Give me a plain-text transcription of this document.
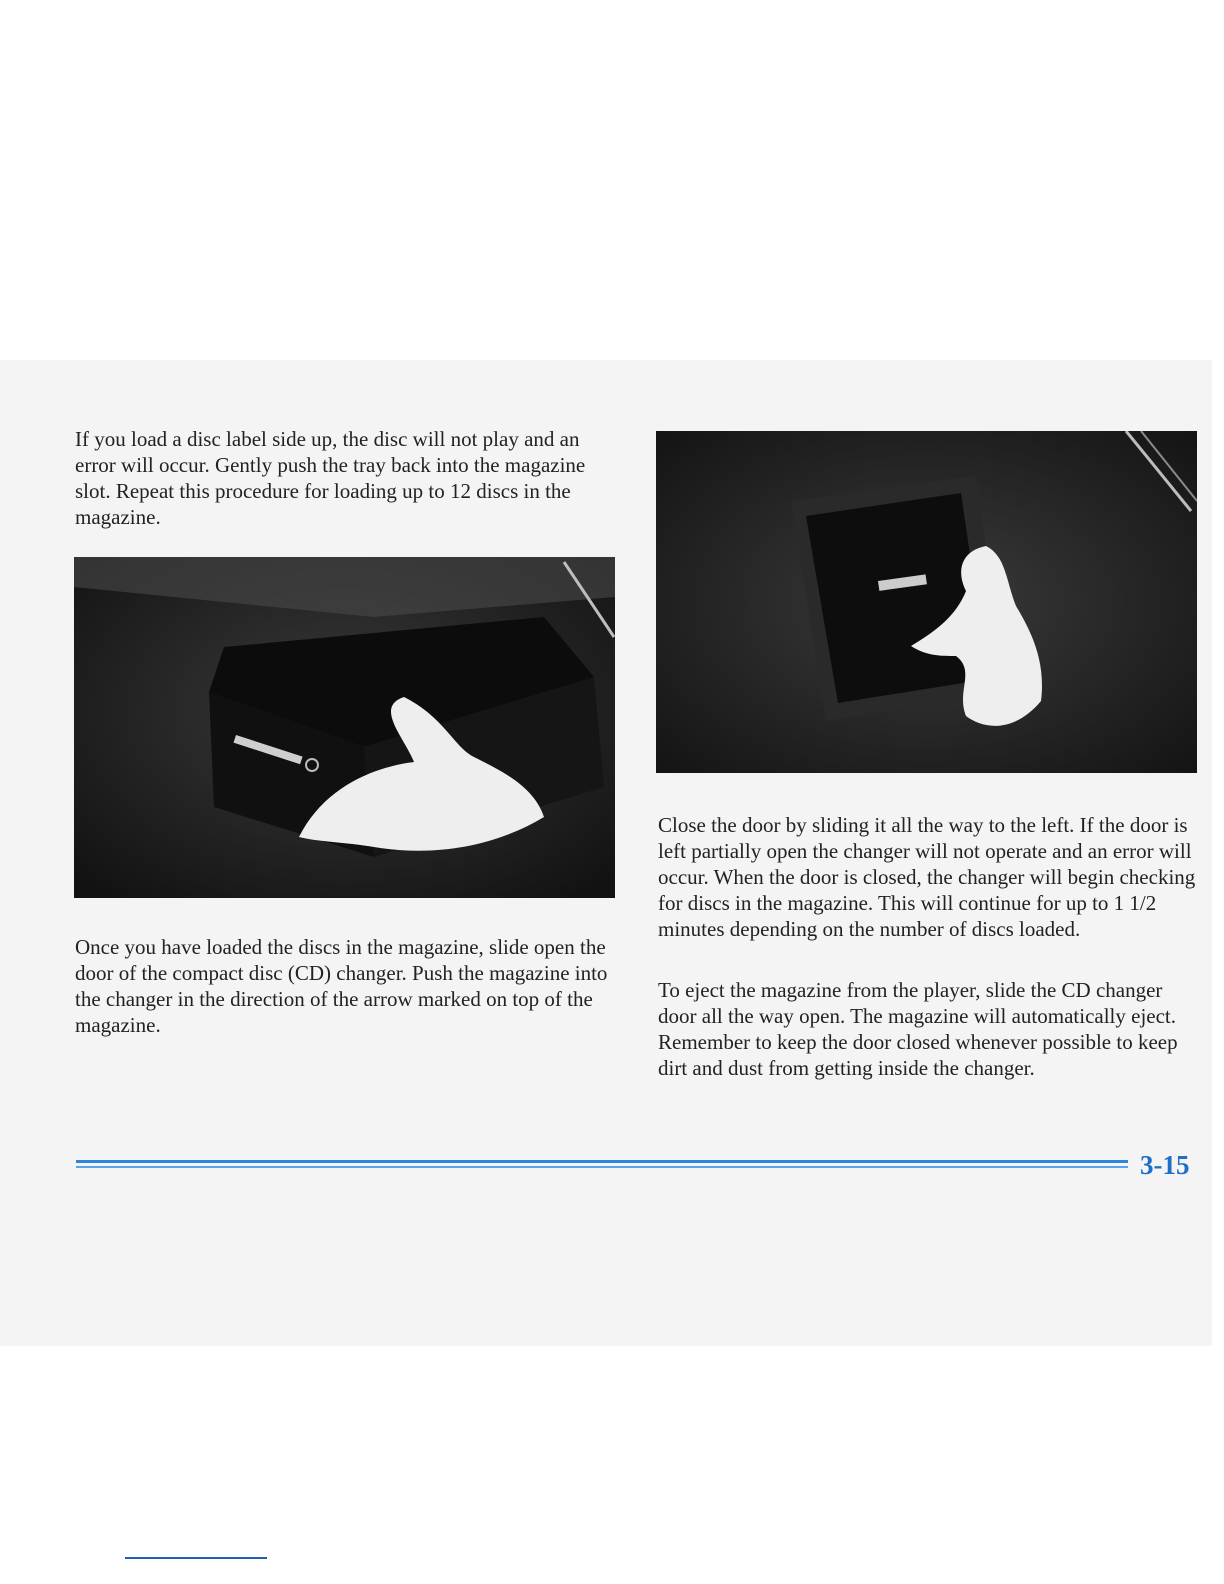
If you load a disc label side up, the disc will not play and an error will occur. Gently push the tray back into the magazine slot. Repeat this procedure for loading up to 12 discs in the magazine.

Once you have loaded the discs in the magazine, slide open the door of the compact disc (CD) changer. Push the magazine into the changer in the direction of the arrow marked on top of the magazine.

Close the door by sliding it all the way to the left. If the door is left partially open the changer will not operate and an error will occur. When the door is closed, the changer will begin checking for discs in the magazine. This will continue for up to 1 1/2 minutes depending on the number of discs loaded.

To eject the magazine from the player, slide the CD changer door all the way open. The magazine will automatically eject. Remember to keep the door closed whenever possible to keep dirt and dust from getting inside the changer.

3-15
